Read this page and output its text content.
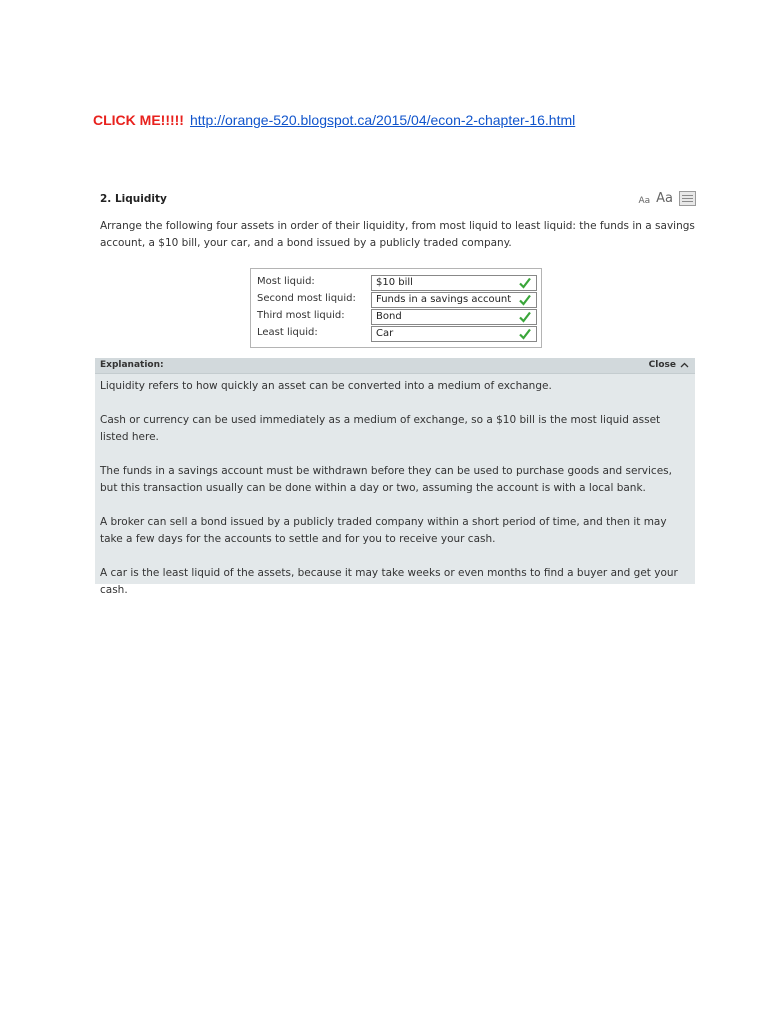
CLICK ME!!!!! http://orange-520.blogspot.ca/2015/04/econ-2-chapter-16.html
2. Liquidity	Aa Aa
Arrange the following four assets in order of their liquidity, from most liquid to least liquid: the funds in a savings account, a $10 bill, your car, and a bond issued by a publicly traded company.
Most liquid:	$10 bill
Second most liquid: Funds in a savings account
Third most liquid:	Bond
Least liquid:	Car
Explanation:	Close

Liquidity refers to how quickly an asset can be converted into a medium of exchange.

Cash or currency can be used immediately as a medium of exchange, so a $10 bill is the most liquid asset listed here.

The funds in a savings account must be withdrawn before they can be used to purchase goods and services, but this transaction usually can be done within a day or two, assuming the account is with a local bank.

A broker can sell a bond issued by a publicly traded company within a short period of time, and then it may take a few days for the accounts to settle and for you to receive your cash.

A car is the least liquid of the assets, because it may take weeks or even months to find a buyer and get your cash.
